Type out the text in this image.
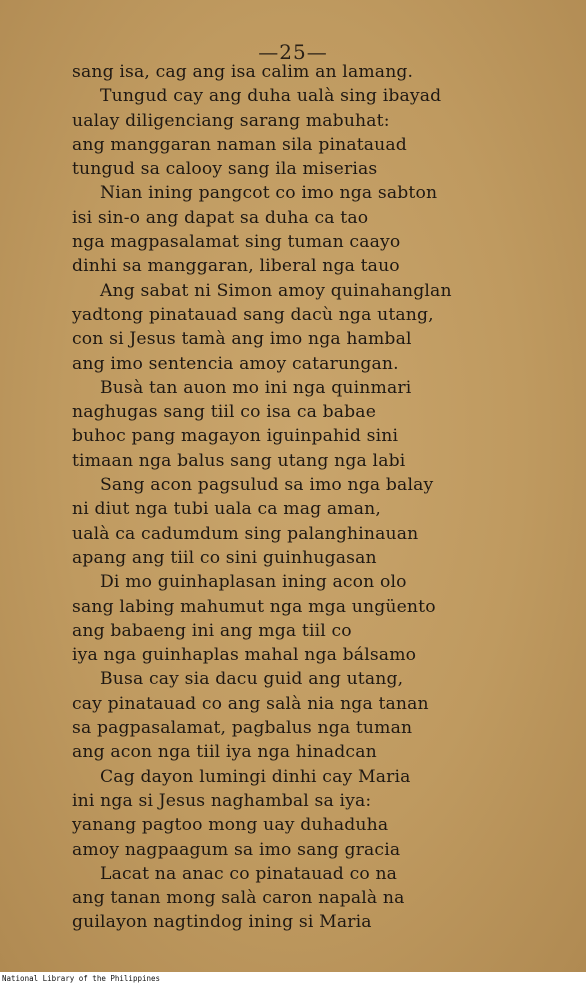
—25—
sang isa, cag ang isa calim an lamang.
Tungud cay ang duha ualà sing ibayad
ualay diligenciang sarang mabuhat:
ang manggaran naman sila pinatauad
tungud sa calooy sang ila miserias
Nian ining pangcot co imo nga sabton
isi sin-o ang dapat sa duha ca tao
nga magpasalamat sing tuman caayo
dinhi sa manggaran, liberal nga tauo
Ang sabat ni Simon amoy quinahanglan
yadtong pinatauad sang dacù nga utang,
con si Jesus tamà ang imo nga hambal
ang imo sentencia amoy catarungan.
Busà tan auon mo ini nga quinmari
naghugas sang tiil co isa ca babae
buhoc pang magayon iguinpahid sini
timaan nga balus sang utang nga labi
Sang acon pagsulud sa imo nga balay
ni diut nga tubi uala ca mag aman,
ualà ca cadumdum sing palanghinauan
apang ang tiil co sini guinhugasan
Di mo guinhaplasan ining acon olo
sang labing mahumut nga mga ungüento
ang babaeng ini ang mga tiil co
iya nga guinhaplas mahal nga bálsamo
Busa cay sia dacu guid ang utang,
cay pinatauad co ang salà nia nga tanan
sa pagpasalamat, pagbalus nga tuman
ang acon nga tiil iya nga hinadcan
Cag dayon lumingi dinhi cay Maria
ini nga si Jesus naghambal sa iya:
yanang pagtoo mong uay duhaduha
amoy nagpaagum sa imo sang gracia
Lacat na anac co pinatauad co na
ang tanan mong salà caron napalà na
guilayon nagtindog ining si Maria
National Library of the Philippines
